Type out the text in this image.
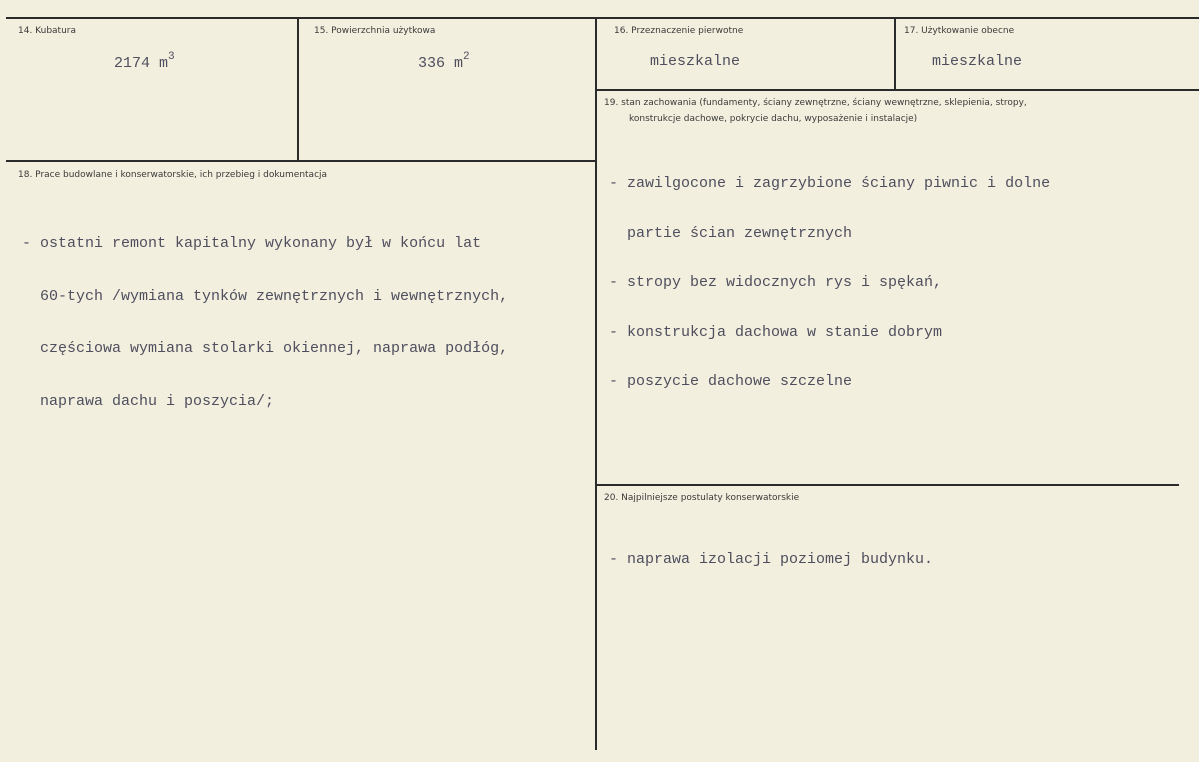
14. Kubatura
2174 $m^3$
15. Powierzchnia użytkowa
336 $m^2$
16. Przeznaczenie pierwotne
mieszkalne
17. Użytkowanie obecne
mieszkalne
18. Prace budowlane i konserwatorskie, ich przebieg i dokumentacja

- ostatni remont kapitalny wykonany był w końcu lat

60-tych /wymiana tynków zewnętrznych i wewnętrznych,

częściowa wymiana stolarki okiennej, naprawa podłóg,

naprawa dachu i poszycia/;

19. stan zachowania (fundamenty, ściany zewnętrzne, ściany wewnętrzne, sklepienia, stropy,
konstrukcje dachowe, pokrycie dachu, wyposażenie i instalacje)

- zawilgocone i zagrzybione ściany piwnic i dolne

partie ścian zewnętrznych

- stropy bez widocznych rys i spękań,

- konstrukcja dachowa w stanie dobrym

- poszycie dachowe szczelne

20. Najpilniejsze postulaty konserwatorskie

- naprawa izolacji poziomej budynku.
